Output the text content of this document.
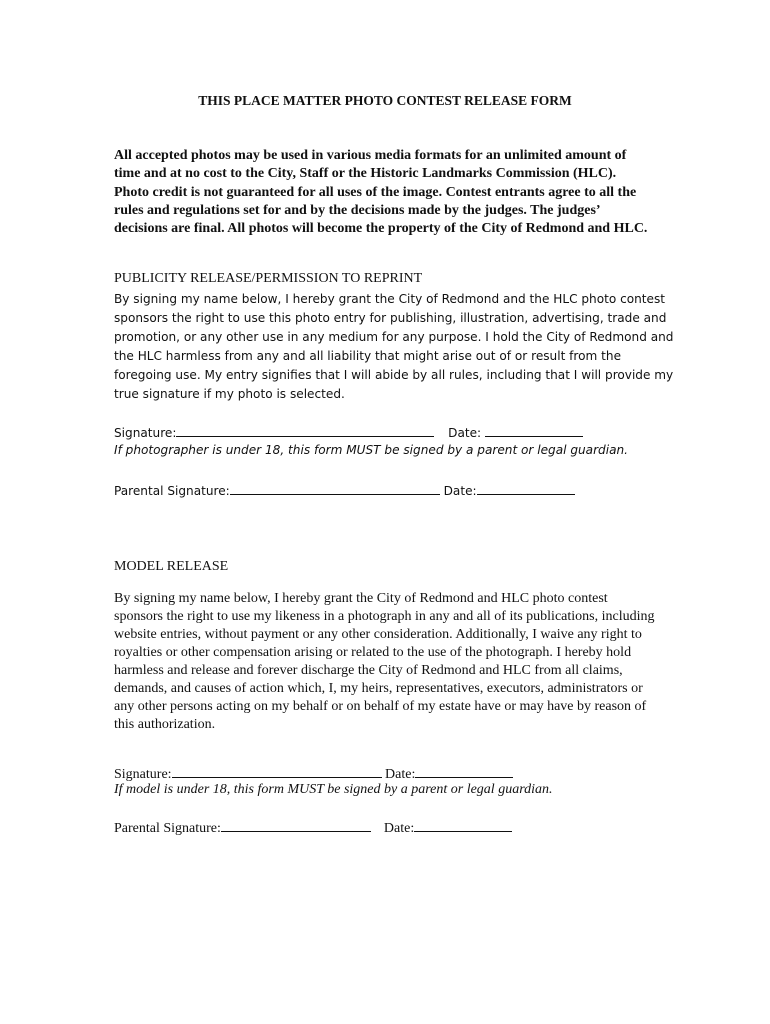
THIS PLACE MATTER PHOTO CONTEST RELEASE FORM
All accepted photos may be used in various media formats for an unlimited amount of time and at no cost to the City, Staff or the Historic Landmarks Commission (HLC). Photo credit is not guaranteed for all uses of the image. Contest entrants agree to all the rules and regulations set for and by the decisions made by the judges. The judges’ decisions are final. All photos will become the property of the City of Redmond and HLC.
PUBLICITY RELEASE/PERMISSION TO REPRINT
By signing my name below, I hereby grant the City of Redmond and the HLC photo contest sponsors the right to use this photo entry for publishing, illustration, advertising, trade and promotion, or any other use in any medium for any purpose. I hold the City of Redmond and the HLC harmless from any and all liability that might arise out of or result from the foregoing use. My entry signifies that I will abide by all rules, including that I will provide my true signature if my photo is selected.
Signature:	Date:
If photographer is under 18, this form MUST be signed by a parent or legal guardian.
Parental Signature:	Date:
MODEL RELEASE
By signing my name below, I hereby grant the City of Redmond and HLC photo contest sponsors the right to use my likeness in a photograph in any and all of its publications, including website entries, without payment or any other consideration. Additionally, I waive any right to royalties or other compensation arising or related to the use of the photograph. I hereby hold harmless and release and forever discharge the City of Redmond and HLC from all claims, demands, and causes of action which, I, my heirs, representatives, executors, administrators or any other persons acting on my behalf or on behalf of my estate have or may have by reason of this authorization.
Signature:	Date:
If model is under 18, this form MUST be signed by a parent or legal guardian.
Parental Signature:	Date:
